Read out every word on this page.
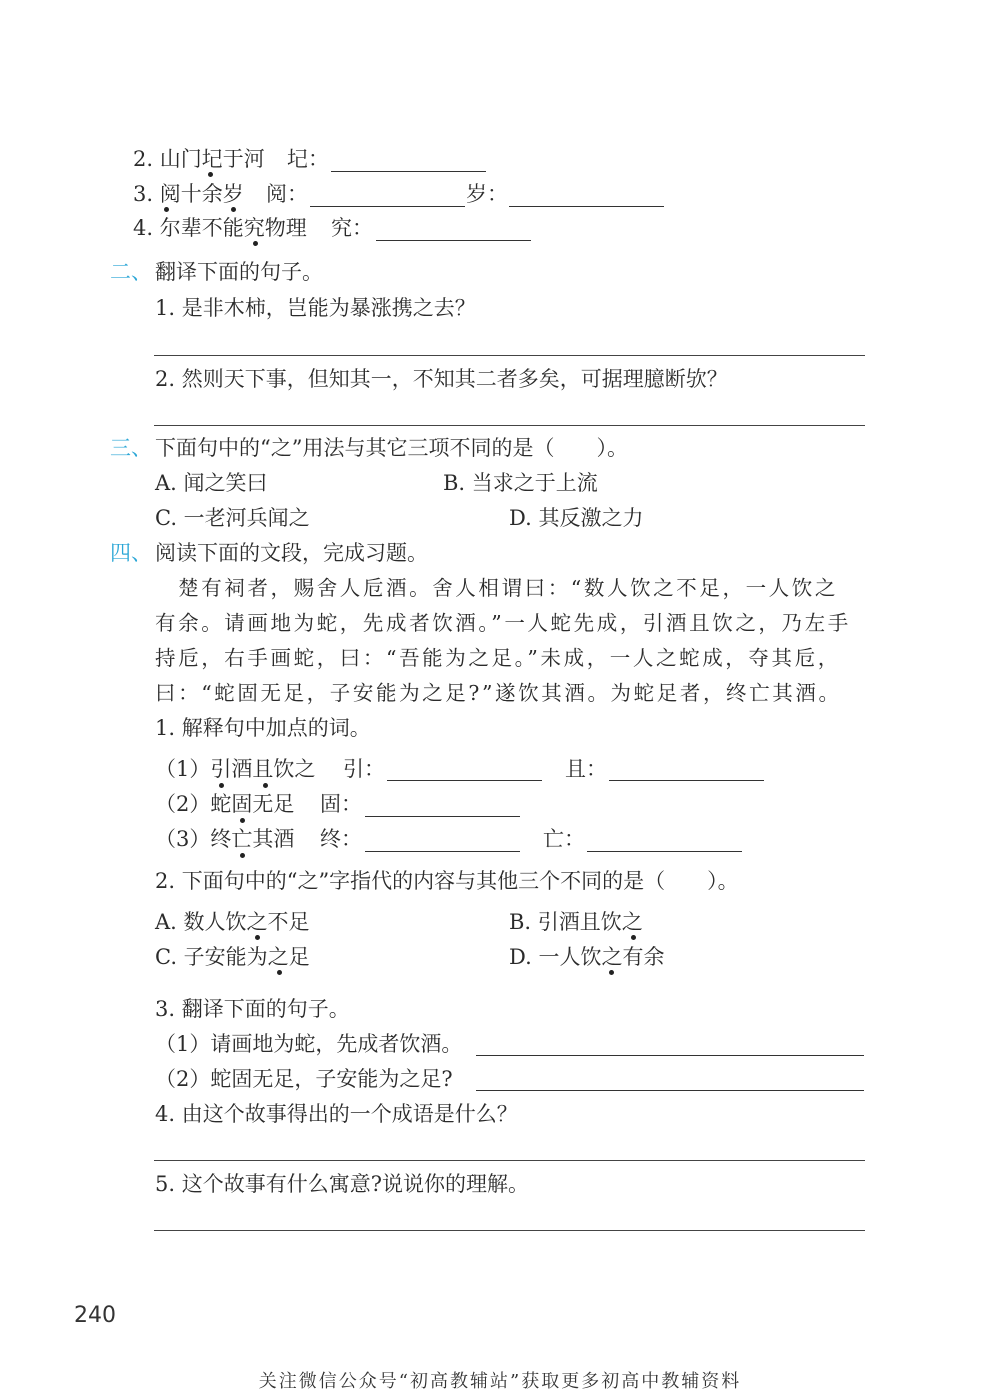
2. 山门圮于河 圮：
3. 阅十余岁 阅：	岁：
4. 尔辈不能究物理 究：
二、 翻译下面的句子。
1. 是非木柿，岂能为暴涨携之去？
2. 然则天下事，但知其一，不知其二者多矣，可据理臆断欤？
三、 下面句中的“之”用法与其它三项不同的是（　　）。
A. 闻之笑曰	B. 当求之于上流
C. 一老河兵闻之	D. 其反激之力
四、 阅读下面的文段，完成习题。
　楚有祠者，赐舍人卮酒。舍人相谓曰：“数人饮之不足，一人饮之
有余。请画地为蛇，先成者饮酒。”一人蛇先成，引酒且饮之，乃左手
持卮，右手画蛇，曰：“吾能为之足。”未成，一人之蛇成，夺其卮，
曰：“蛇固无足，子安能为之足?”遂饮其酒。为蛇足者，终亡其酒。
1. 解释句中加点的词。
（1）引酒且饮之 引：	且：
（2）蛇固无足 固：
（3）终亡其酒 终：	亡：
2. 下面句中的“之”字指代的内容与其他三个不同的是（　　）。
A. 数人饮之不足	B. 引酒且饮之
C. 子安能为之足	D. 一人饮之有余
3. 翻译下面的句子。
（1）请画地为蛇，先成者饮酒。
（2）蛇固无足，子安能为之足?
4. 由这个故事得出的一个成语是什么？
5. 这个故事有什么寓意?说说你的理解。
240
关注微信公众号“初高教辅站”获取更多初高中教辅资料
